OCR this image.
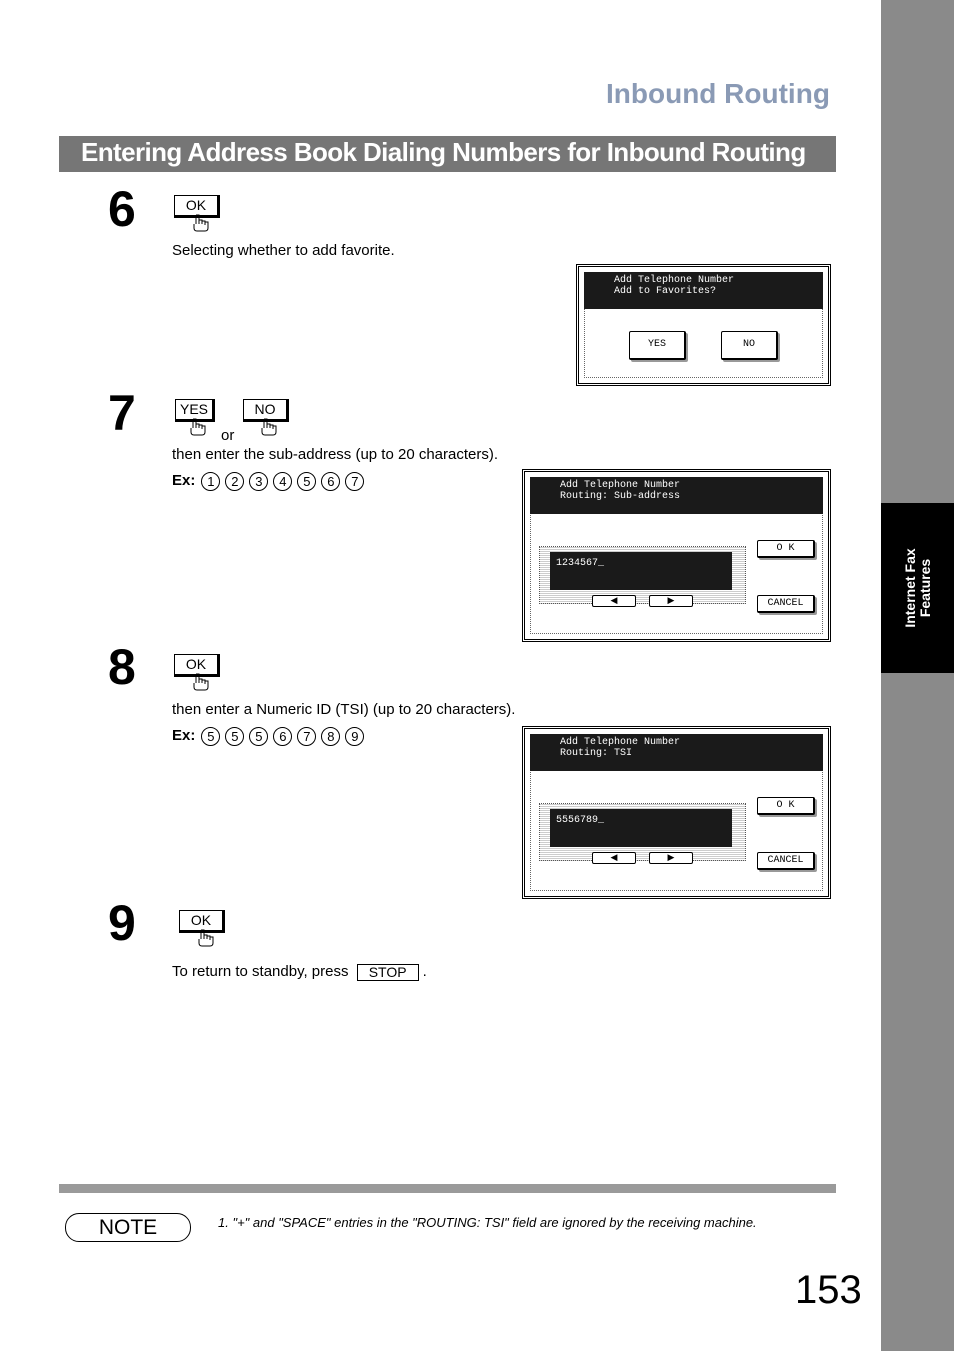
Internet Fax Features
Inbound Routing
Entering Address Book Dialing Numbers for Inbound Routing
6	OK
Selecting whether to add favorite.
Add Telephone Number
Add to Favorites?
YES	NO
7	YES
or
NO
then enter the sub-address (up to 20 characters).
Ex: 1 2 3 4 5 6 7	Add Telephone Number
Routing: Sub-address
1234567_
◀	▶
O K
CANCEL
8	OK
then enter a Numeric ID (TSI) (up to 20 characters).
Ex: 5 5 5 6 7 8 9	Add Telephone Number
Routing: TSI
5556789_
◀	▶
O K
CANCEL
9	OK
To return to standby, press STOP .
NOTE	1. "+" and "SPACE" entries in the "ROUTING: TSI" field are ignored by the receiving machine.
153
